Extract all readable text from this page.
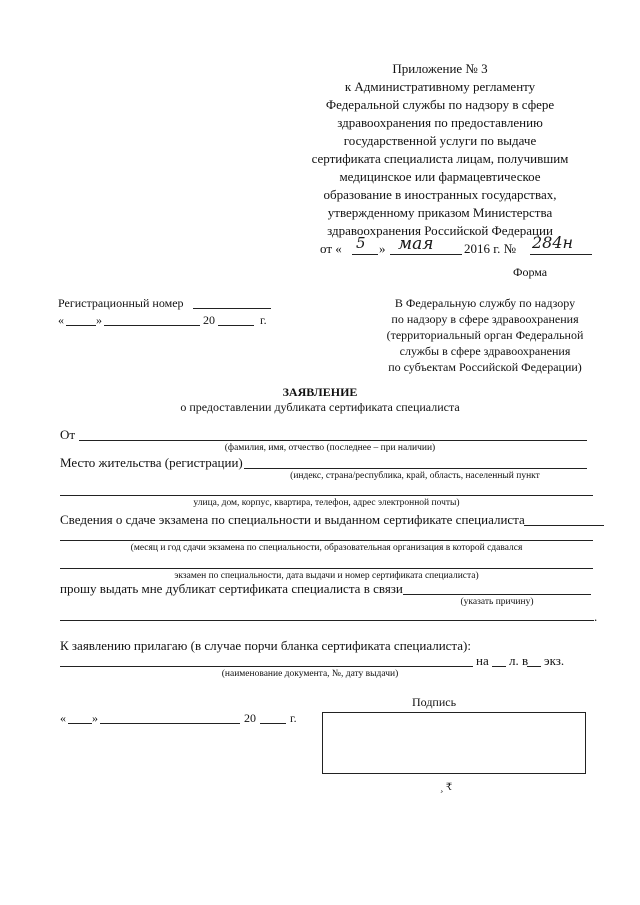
Приложение № 3
к Административному регламенту
Федеральной службы по надзору в сфере
здравоохранения по предоставлению
государственной услуги по выдаче
сертификата специалиста лицам, получившим
медицинское или фармацевтическое
образование в иностранных государствах,
утвержденному приказом Министерства
здравоохранения Российской Федерации
от « 5 » мая 2016 г. № 284н
Форма
Регистрационный номер
«	»	20	г.
В Федеральную службу по надзору
по надзору в сфере здравоохранения
(территориальный орган Федеральной
службы в сфере здравоохранения
по субъектам Российской Федерации)
ЗАЯВЛЕНИЕ
о предоставлении дубликата сертификата специалиста
От
(фамилия, имя, отчество (последнее – при наличии)
Место жительства (регистрации)
(индекс, страна/республика, край, область, населенный пункт
улица, дом, корпус, квартира, телефон, адрес электронной почты)
Сведения о сдаче экзамена по специальности и выданном сертификате специалиста
(месяц и год сдачи экзамена по специальности, образовательная организация в которой сдавался
экзамен по специальности, дата выдачи и номер сертификата специалиста)
прошу выдать мне дубликат сертификата специалиста в связи
(указать причину)
.
К заявлению прилагаю (в случае порчи бланка сертификата специалиста):
на л. в экз.
(наименование документа, №, дату выдачи)
Подпись
« »	20	г.
¸ ₹
